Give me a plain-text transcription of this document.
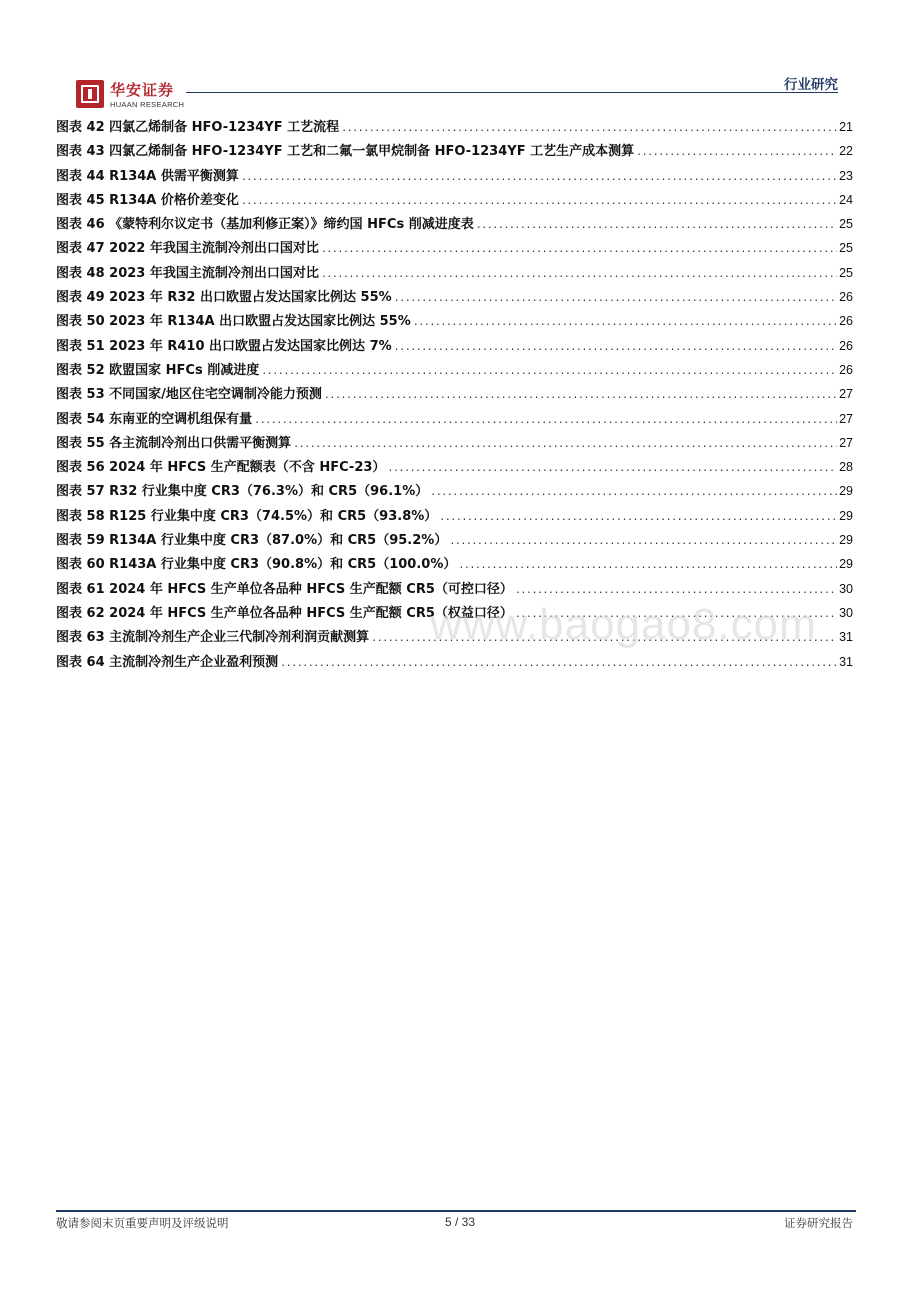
华安证券
HUAAN RESEARCH
行业研究
图表 42 四氯乙烯制备 HFO-1234YF 工艺流程 .....	21
图表 43 四氯乙烯制备 HFO-1234YF 工艺和二氟一氯甲烷制备 HFO-1234YF 工艺生产成本测算 .....	22
图表 44 R134A 供需平衡测算 .....	23
图表 45 R134A 价格价差变化 .....	24
图表 46 《蒙特利尔议定书（基加利修正案）》缔约国 HFCs 削减进度表 .....	25
图表 47 2022 年我国主流制冷剂出口国对比 .....	25
图表 48 2023 年我国主流制冷剂出口国对比 .....	25
图表 49 2023 年 R32 出口欧盟占发达国家比例达 55% .....	26
图表 50 2023 年 R134A 出口欧盟占发达国家比例达 55% .....	26
图表 51 2023 年 R410 出口欧盟占发达国家比例达 7% .....	26
图表 52 欧盟国家 HFCs 削减进度 .....	26
图表 53 不同国家/地区住宅空调制冷能力预测 .....	27
图表 54 东南亚的空调机组保有量 .....	27
图表 55 各主流制冷剂出口供需平衡测算 .....	27
图表 56 2024 年 HFCS 生产配额表（不含 HFC-23） .....	28
图表 57 R32 行业集中度 CR3（76.3%）和 CR5（96.1%） .....	29
图表 58 R125 行业集中度 CR3（74.5%）和 CR5（93.8%） .....	29
图表 59 R134A 行业集中度 CR3（87.0%）和 CR5（95.2%） .....	29
图表 60 R143A 行业集中度 CR3（90.8%）和 CR5（100.0%） .....	29
图表 61 2024 年 HFCS 生产单位各品种 HFCS 生产配额 CR5（可控口径） .....	30
图表 62 2024 年 HFCS 生产单位各品种 HFCS 生产配额 CR5（权益口径） .....	30
图表 63 主流制冷剂生产企业三代制冷剂利润贡献测算 .....	31
图表 64 主流制冷剂生产企业盈利预测 .....	31
www.baogao8.com
敬请参阅末页重要声明及评级说明	5 / 33	证券研究报告
